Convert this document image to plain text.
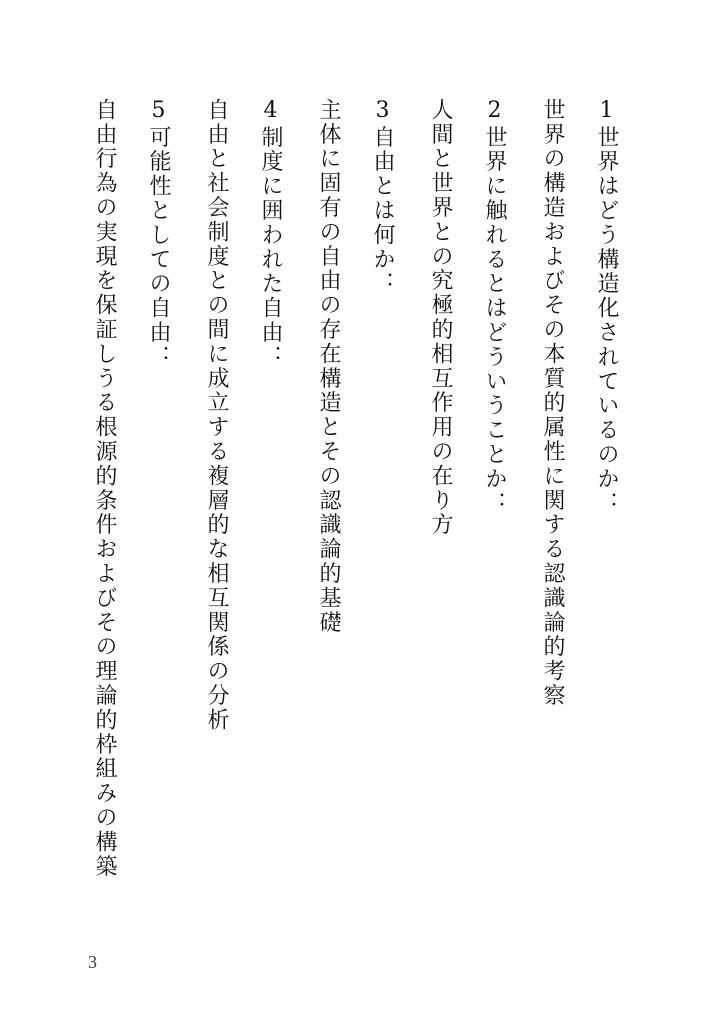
1世界はどう構造化されているのか：
世界の構造およびその本質的属性に関する認識論的考察
2世界に触れるとはどういうことか：
人間と世界との究極的相互作用の在り方
3自由とは何か：
主体に固有の自由の存在構造とその認識論的基礎
4制度に囲われた自由：
自由と社会制度との間に成立する複層的な相互関係の分析
5可能性としての自由：
自由行為の実現を保証しうる根源的条件およびその理論的枠組みの構築
3
